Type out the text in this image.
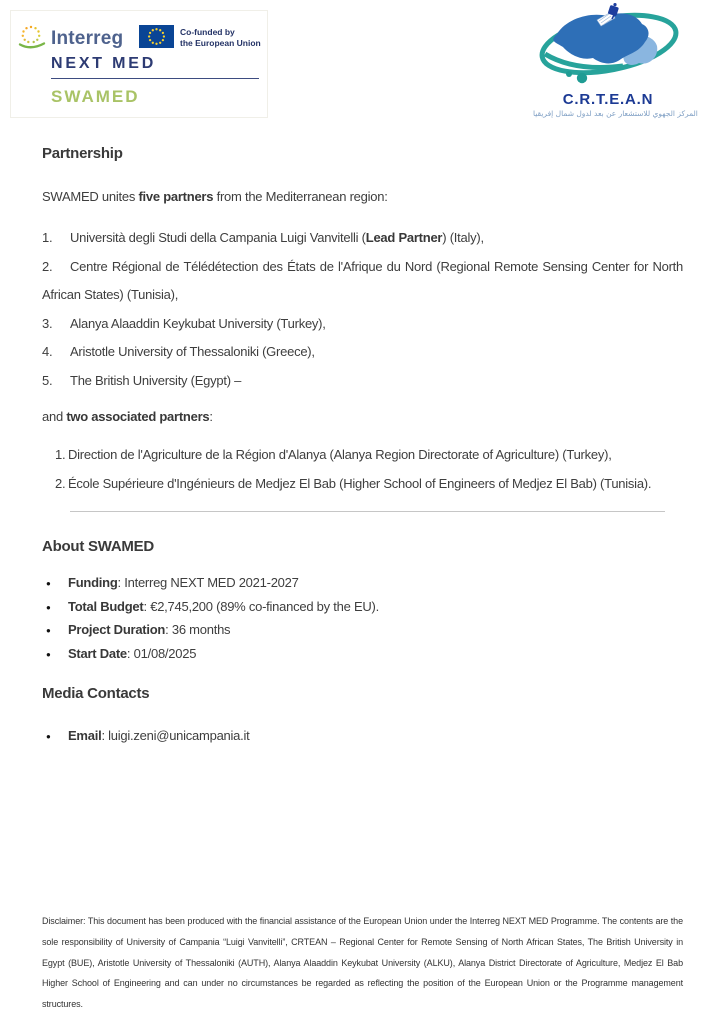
Interreg	Co-funded by
the European Union
NEXT MED
SWAMED	C.R.T.E.A.N
المركز الجهوي للاستشعار عن بعد لدول شمال إفريقيا

Partnership

SWAMED unites five partners from the Mediterranean region:

1. Università degli Studi della Campania Luigi Vanvitelli (Lead Partner) (Italy),

2. Centre Régional de Télédétection des États de l'Afrique du Nord (Regional Remote Sensing Center for North African States) (Tunisia),

3. Alanya Alaaddin Keykubat University (Turkey),

4. Aristotle University of Thessaloniki (Greece),

5. The British University (Egypt) –

and two associated partners:

1. Direction de l'Agriculture de la Région d'Alanya (Alanya Region Directorate of Agriculture) (Turkey),

2. École Supérieure d'Ingénieurs de Medjez El Bab (Higher School of Engineers of Medjez El Bab) (Tunisia).

About SWAMED

● Funding: Interreg NEXT MED 2021-2027

● Total Budget: €2,745,200 (89% co-financed by the EU).

● Project Duration: 36 months

● Start Date: 01/08/2025

Media Contacts

● Email: luigi.zeni@unicampania.it

Disclaimer: This document has been produced with the financial assistance of the European Union under the Interreg NEXT MED Programme. The contents are the sole responsibility of University of Campania “Luigi Vanvitelli”, CRTEAN – Regional Center for Remote Sensing of North African States, The British University in Egypt (BUE), Aristotle University of Thessaloniki (AUTH), Alanya Alaaddin Keykubat University (ALKU), Alanya District Directorate of Agriculture, Medjez El Bab Higher School of Engineering and can under no circumstances be regarded as reflecting the position of the European Union or the Programme management structures.
